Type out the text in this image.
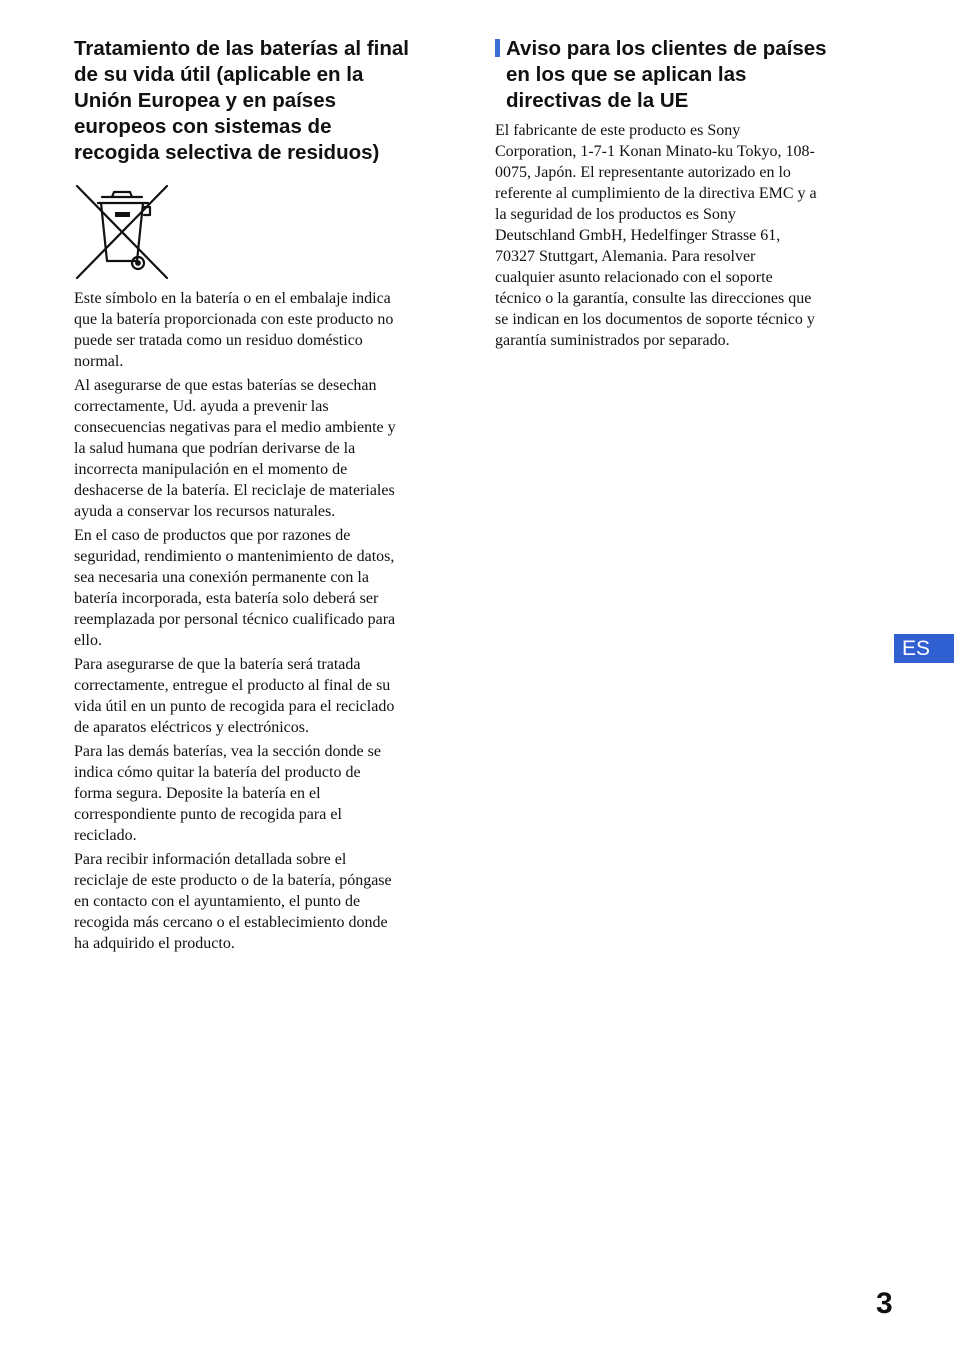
Tratamiento de las baterías al final
de su vida útil (aplicable en la
Unión Europea y en países
europeos con sistemas de
recogida selectiva de residuos)

Este símbolo en la batería o en el embalaje indica
que la batería proporcionada con este producto no
puede ser tratada como un residuo doméstico
normal.

Al asegurarse de que estas baterías se desechan
correctamente, Ud. ayuda a prevenir las
consecuencias negativas para el medio ambiente y
la salud humana que podrían derivarse de la
incorrecta manipulación en el momento de
deshacerse de la batería. El reciclaje de materiales
ayuda a conservar los recursos naturales.

En el caso de productos que por razones de
seguridad, rendimiento o mantenimiento de datos,
sea necesaria una conexión permanente con la
batería incorporada, esta batería solo deberá ser
reemplazada por personal técnico cualificado para
ello.

Para asegurarse de que la batería será tratada
correctamente, entregue el producto al final de su
vida útil en un punto de recogida para el reciclado
de aparatos eléctricos y electrónicos.

Para las demás baterías, vea la sección donde se
indica cómo quitar la batería del producto de
forma segura. Deposite la batería en el
correspondiente punto de recogida para el
reciclado.

Para recibir información detallada sobre el
reciclaje de este producto o de la batería, póngase
en contacto con el ayuntamiento, el punto de
recogida más cercano o el establecimiento donde
ha adquirido el producto.

Aviso para los clientes de países
en los que se aplican las
directivas de la UE

El fabricante de este producto es Sony
Corporation, 1-7-1 Konan Minato-ku Tokyo, 108-
0075, Japón. El representante autorizado en lo
referente al cumplimiento de la directiva EMC y a
la seguridad de los productos es Sony
Deutschland GmbH, Hedelfinger Strasse 61,
70327 Stuttgart, Alemania. Para resolver
cualquier asunto relacionado con el soporte
técnico o la garantía, consulte las direcciones que
se indican en los documentos de soporte técnico y
garantía suministrados por separado.

ES
3
